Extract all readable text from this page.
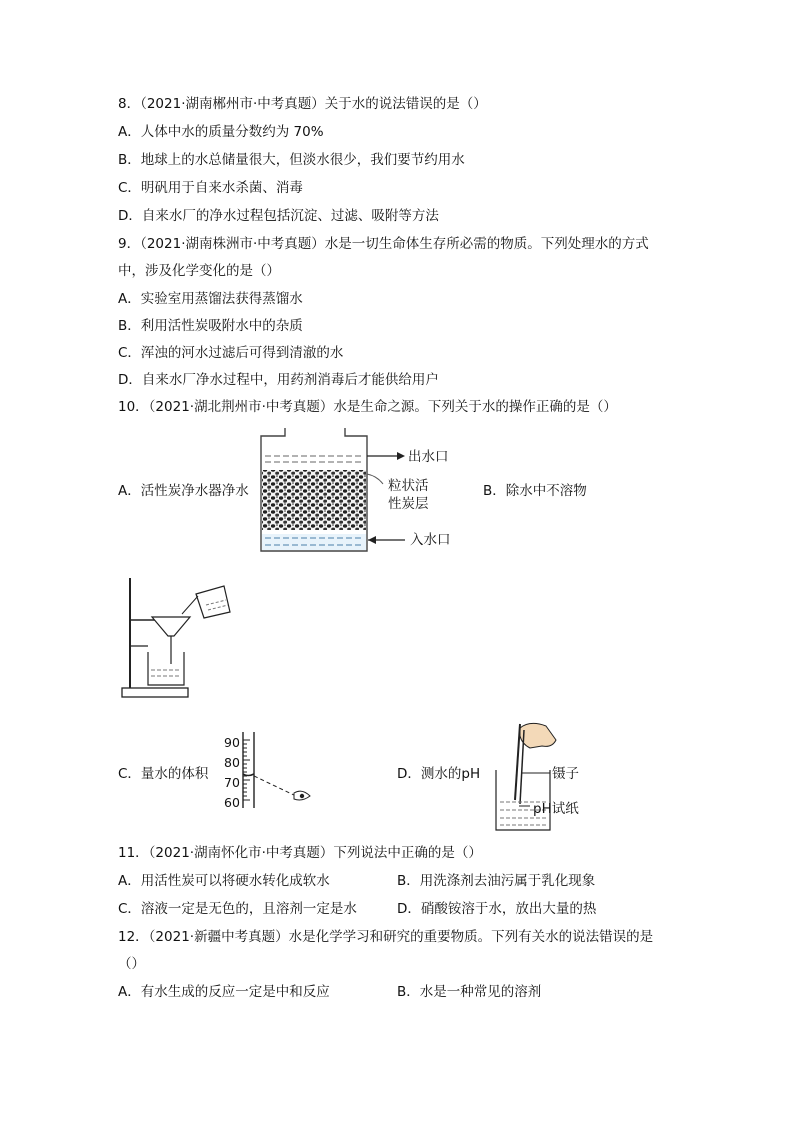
8．（2021·湖南郴州市·中考真题）关于水的说法错误的是（）
A．人体中水的质量分数约为 70%
B．地球上的水总储量很大，但淡水很少，我们要节约用水
C．明矾用于自来水杀菌、消毒
D．自来水厂的净水过程包括沉淀、过滤、吸附等方法
9．（2021·湖南株洲市·中考真题）水是一切生命体生存所必需的物质。下列处理水的方式
中，涉及化学变化的是（）
A．实验室用蒸馏法获得蒸馏水
B．利用活性炭吸附水中的杂质
C．浑浊的河水过滤后可得到清澈的水
D．自来水厂净水过程中，用药剂消毒后才能供给用户
10．（2021·湖北荆州市·中考真题）水是生命之源。下列关于水的操作正确的是（）
A．活性炭净水器净水
出水口
粒状活
性炭层
入水口
B．除水中不溶物
C．量水的体积
90
80
70
60
D．测水的pH	镊子
pH试纸
11．（2021·湖南怀化市·中考真题）下列说法中正确的是（）
A．用活性炭可以将硬水转化成软水	B．用洗涤剂去油污属于乳化现象
C．溶液一定是无色的，且溶剂一定是水	D．硝酸铵溶于水，放出大量的热
12．（2021·新疆中考真题）水是化学学习和研究的重要物质。下列有关水的说法错误的是
（）
A．有水生成的反应一定是中和反应	B．水是一种常见的溶剂
